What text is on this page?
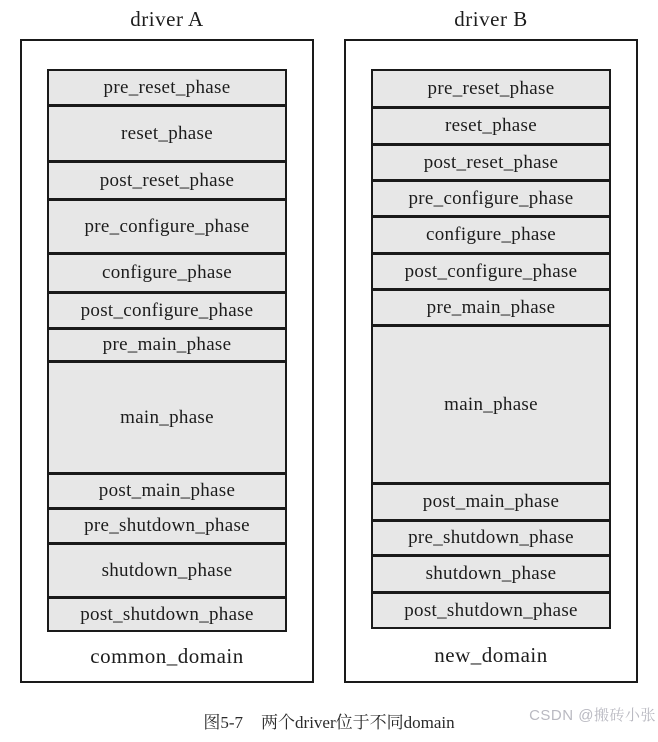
driver A
pre_reset_phase
reset_phase
post_reset_phase
pre_configure_phase
configure_phase
post_configure_phase
pre_main_phase
main_phase
post_main_phase
pre_shutdown_phase
shutdown_phase
post_shutdown_phase
common_domain
driver B
pre_reset_phase
reset_phase
post_reset_phase
pre_configure_phase
configure_phase
post_configure_phase
pre_main_phase
main_phase
post_main_phase
pre_shutdown_phase
shutdown_phase
post_shutdown_phase
new_domain
图5-7 两个driver位于不同domain	CSDN @搬砖小张
